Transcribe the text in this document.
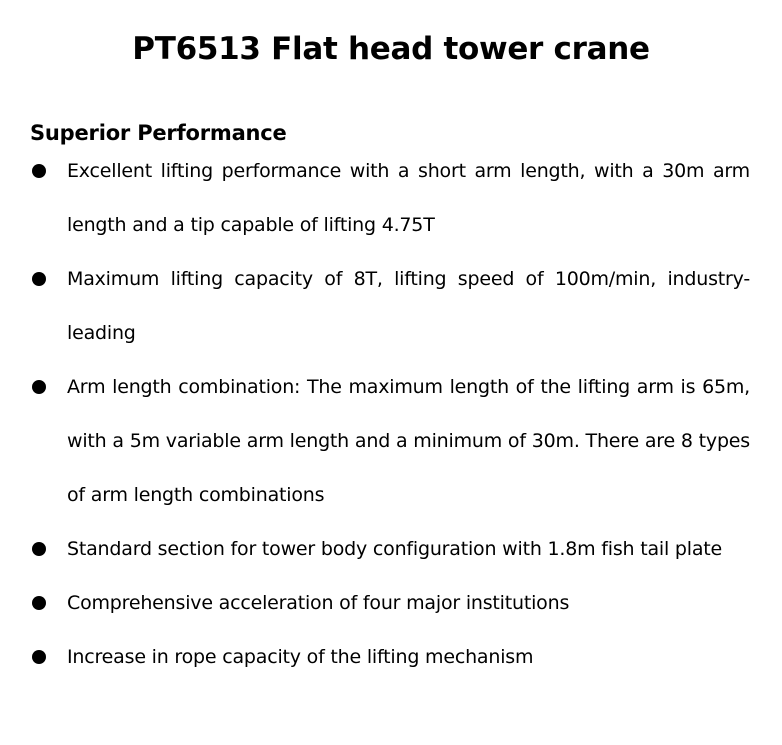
PT6513 Flat head tower crane
Superior Performance
Excellent lifting performance with a short arm length, with a 30m arm length and a tip capable of lifting 4.75T
Maximum lifting capacity of 8T, lifting speed of 100m/min, industry-leading
Arm length combination: The maximum length of the lifting arm is 65m, with a 5m variable arm length and a minimum of 30m. There are 8 types of arm length combinations
Standard section for tower body configuration with 1.8m fish tail plate
Comprehensive acceleration of four major institutions
Increase in rope capacity of the lifting mechanism
